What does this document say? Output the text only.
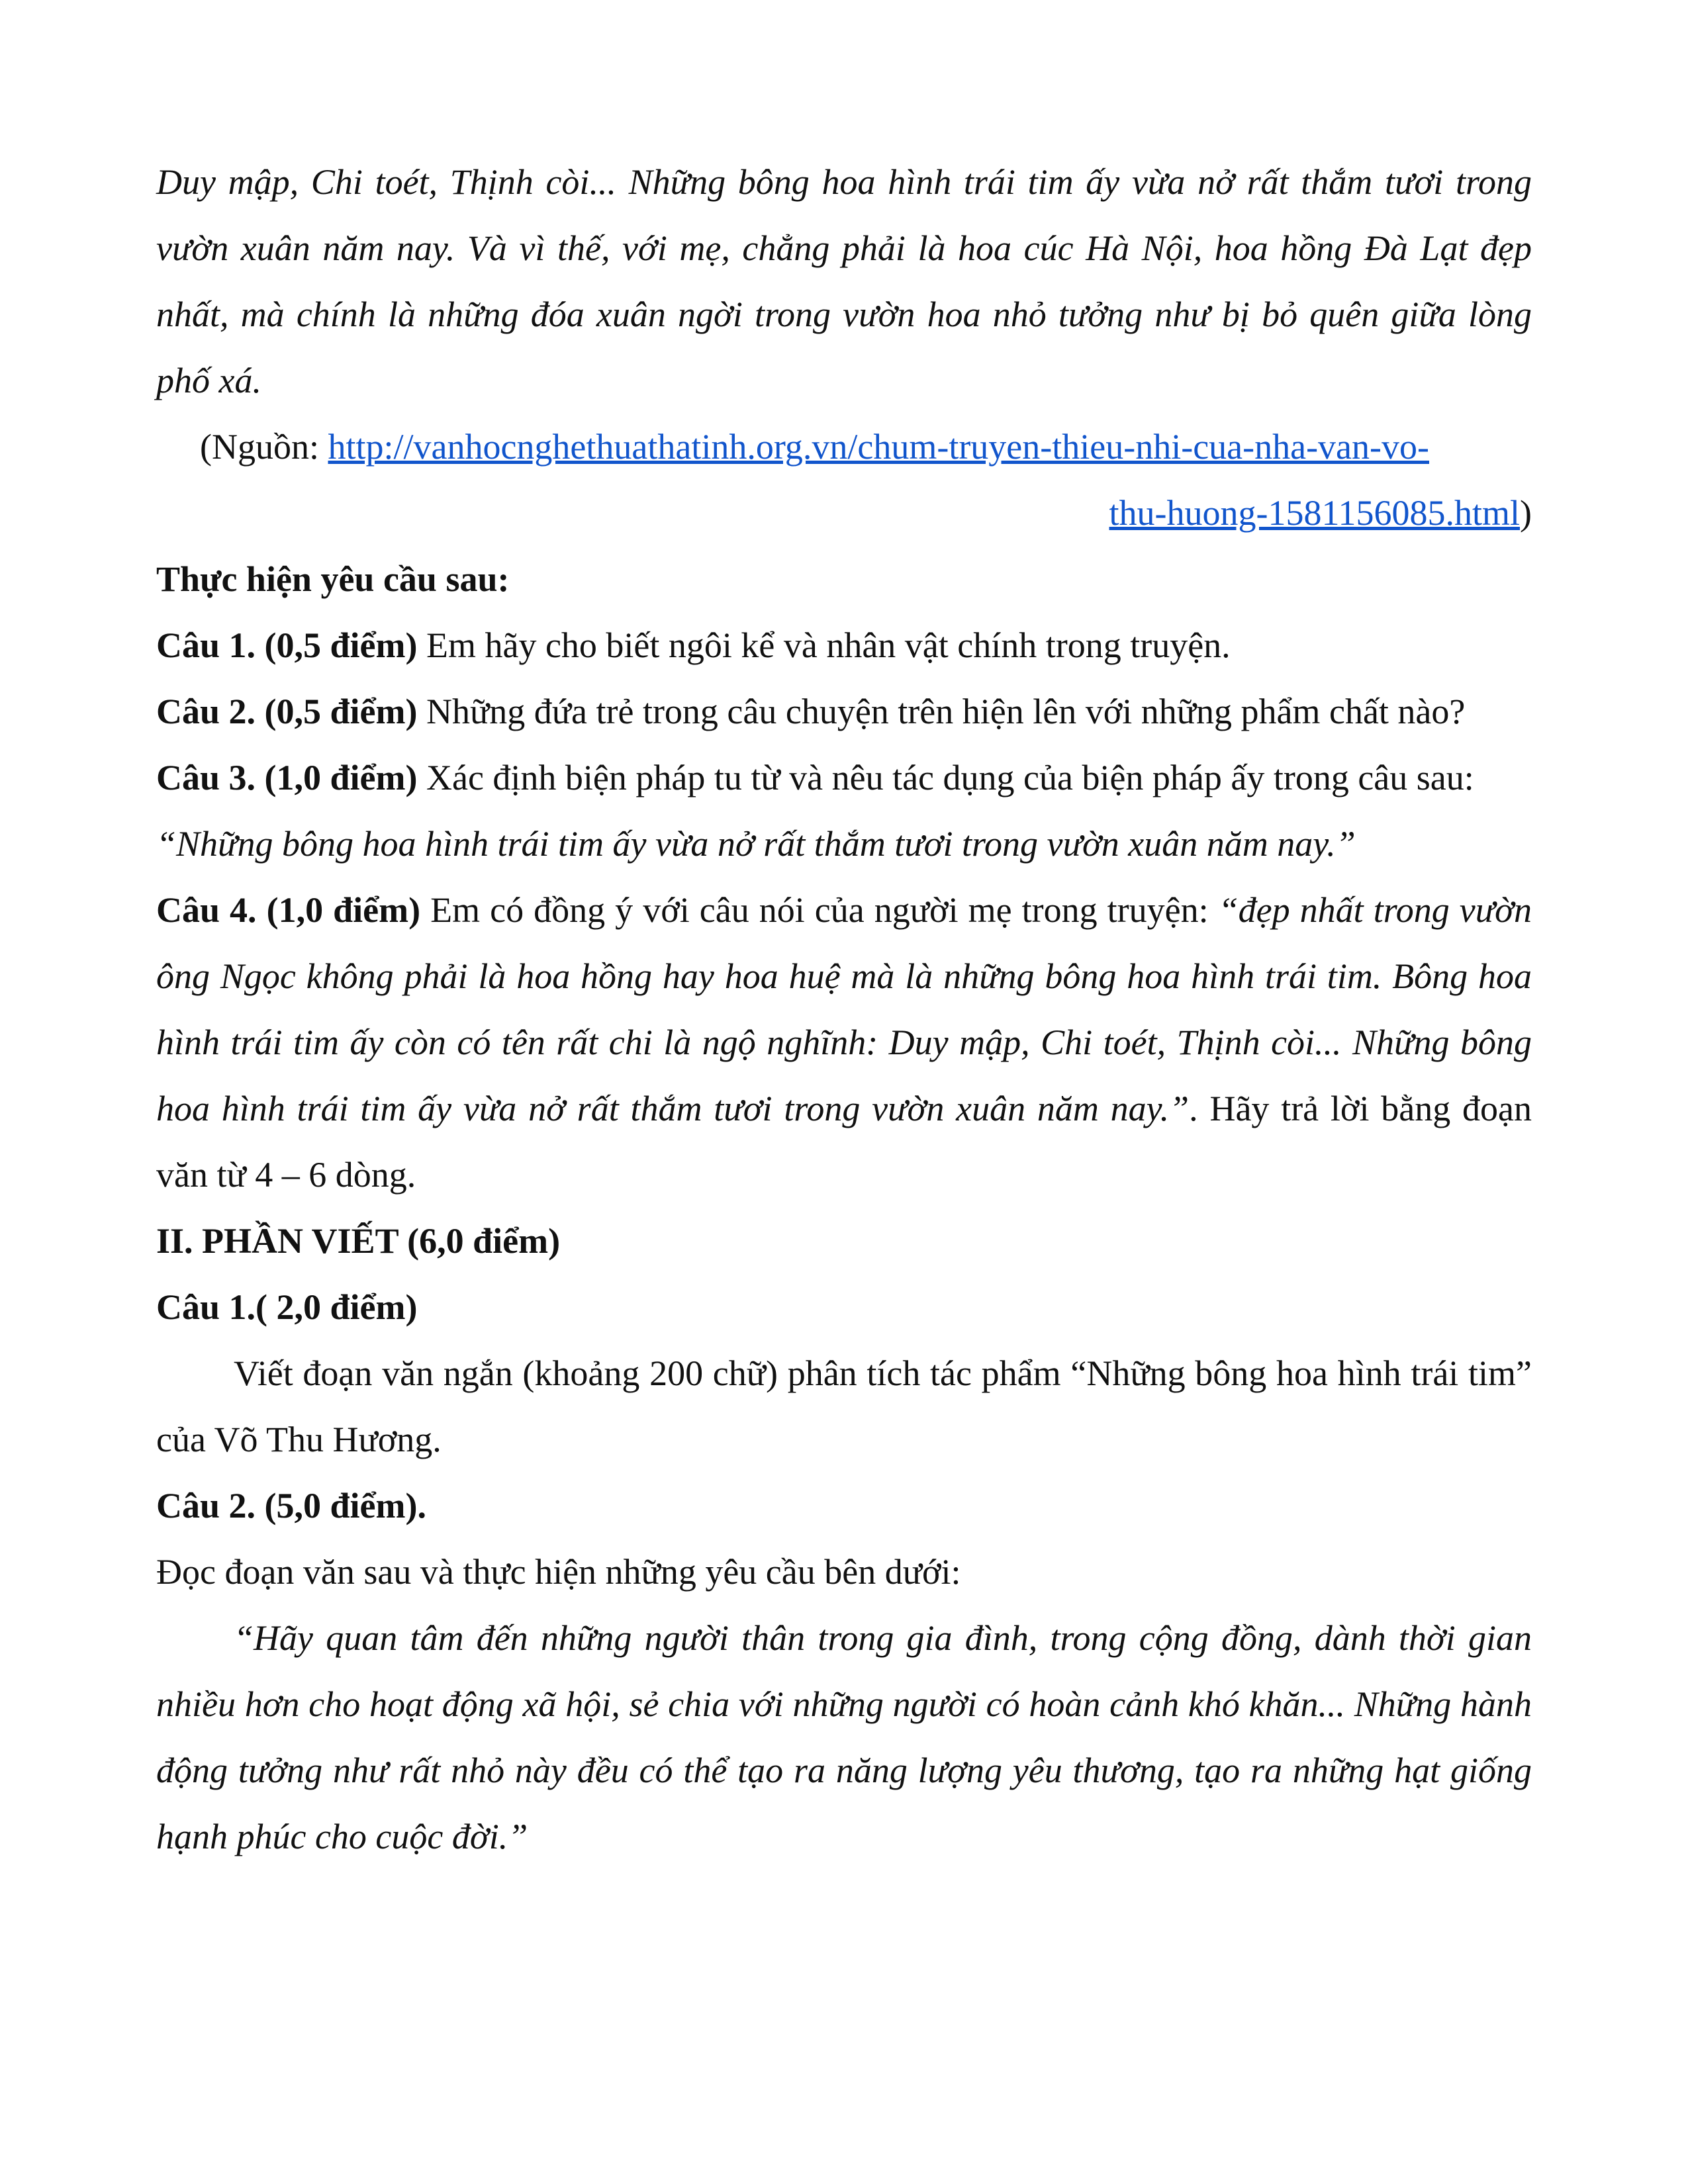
Duy mập, Chi toét, Thịnh còi... Những bông hoa hình trái tim ấy vừa nở rất thắm tươi trong vườn xuân năm nay. Và vì thế, với mẹ, chẳng phải là hoa cúc Hà Nội, hoa hồng Đà Lạt đẹp nhất, mà chính là những đóa xuân ngời trong vườn hoa nhỏ tưởng như bị bỏ quên giữa lòng phố xá.

(Nguồn: http://vanhocnghethuathatinh.org.vn/chum-truyen-thieu-nhi-cua-nha-van-vo-

thu-huong-1581156085.html)

Thực hiện yêu cầu sau:

Câu 1. (0,5 điểm) Em hãy cho biết ngôi kể và nhân vật chính trong truyện.

Câu 2. (0,5 điểm) Những đứa trẻ trong câu chuyện trên hiện lên với những phẩm chất nào?

Câu 3. (1,0 điểm) Xác định biện pháp tu từ và nêu tác dụng của biện pháp ấy trong câu sau:

“Những bông hoa hình trái tim ấy vừa nở rất thắm tươi trong vườn xuân năm nay.”

Câu 4. (1,0 điểm) Em có đồng ý với câu nói của người mẹ trong truyện: “đẹp nhất trong vườn ông Ngọc không phải là hoa hồng hay hoa huệ mà là những bông hoa hình trái tim. Bông hoa hình trái tim ấy còn có tên rất chi là ngộ nghĩnh: Duy mập, Chi toét, Thịnh còi... Những bông hoa hình trái tim ấy vừa nở rất thắm tươi trong vườn xuân năm nay.”. Hãy trả lời bằng đoạn văn từ 4 – 6 dòng.

II. PHẦN VIẾT (6,0 điểm)

Câu 1.( 2,0 điểm)

Viết đoạn văn ngắn (khoảng 200 chữ) phân tích tác phẩm “Những bông hoa hình trái tim” của Võ Thu Hương.

Câu 2. (5,0 điểm).

Đọc đoạn văn sau và thực hiện những yêu cầu bên dưới:

“Hãy quan tâm đến những người thân trong gia đình, trong cộng đồng, dành thời gian nhiều hơn cho hoạt động xã hội, sẻ chia với những người có hoàn cảnh khó khăn... Những hành động tưởng như rất nhỏ này đều có thể tạo ra năng lượng yêu thương, tạo ra những hạt giống hạnh phúc cho cuộc đời.”
